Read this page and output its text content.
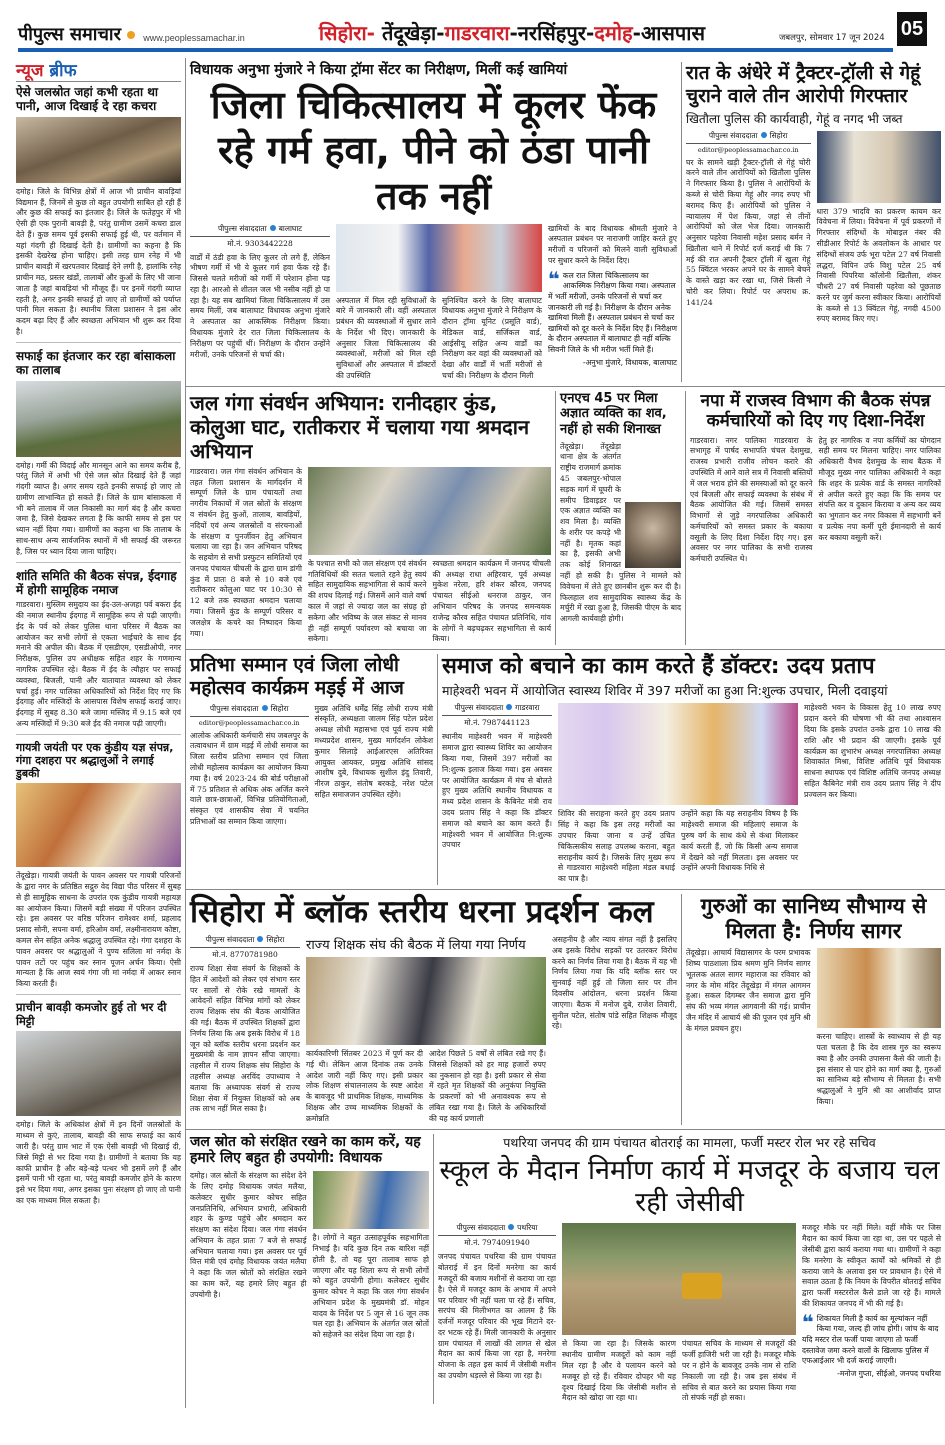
पीपुल्स समाचार	www.peoplessamachar.in	सिहोरा- तेंदूखेड़ा-गाडरवारा-नरसिंहपुर-दमोह-आसपास	जबलपुर, सोमवार 17 जून 2024 05
न्यूज ब्रीफ
ऐसे जलस्रोत जहां कभी रहता था पानी, आज दिखाई दे रहा कचरा
दमोह। जिले के विभिन्न क्षेत्रों में आज भी प्राचीन बावड़ियां विद्यमान हैं, जिनमें से कुछ तो बहुत उपयोगी साबित हो रही हैं और कुछ की सफाई का इंतजार है। जिले के फतेहपुर में भी ऐसी ही एक पुरानी बावड़ी है, परंतु ग्रामीण उसमें कचरा डाल देते हैं। कुछ समय पूर्व इसकी सफाई हुई थी, पर वर्तमान में यहां गंदगी ही दिखाई देती है। ग्रामीणों का कहना है कि इसकी देखरेख होना चाहिए। इसी तरह ग्राम रनेह में भी प्राचीन बावड़ी में खरपतवार दिखाई देने लगी है, हालांकि रनेह प्राचीन मठ, प्रस्तर खंडों, तालाबों और कुओं के लिए भी जाना जाता है जहां बावड़ियां भी मौजूद हैं। पर इनमें गंदगी व्याप्त रहती है, अगर इनकी सफाई हो जाए तो ग्रामीणों को पर्याप्त पानी मिल सकता है। स्थानीय जिला प्रशासन ने इस ओर कदम बढ़ा दिए हैं और स्वच्छता अभियान भी शुरू कर दिया है।
सफाई का इंतजार कर रहा बांसाकला का तालाब
दमोह। गर्मी की विदाई और मानसून आने का समय करीब है, परंतु जिले में अभी भी ऐसे जल स्रोत दिखाई देते हैं जहां गंदगी व्याप्त है। अगर समय रहते इनकी सफाई हो जाए तो ग्रामीण लाभान्वित हो सकते हैं। जिले के ग्राम बांसाकला में भी बने तालाब में जल निकासी का मार्ग बंद है और कचरा जमा है, जिसे देखकर लगता है कि काफी समय से इस पर ध्यान नहीं दिया गया। ग्रामीणों का कहना था कि तालाब के साथ-साथ अन्य सार्वजनिक स्थानों में भी सफाई की जरूरत है, जिस पर ध्यान दिया जाना चाहिए।
शांति समिति की बैठक संपन्न, ईदगाह में होगी सामूहिक नमाज
गाडरवारा। मुस्लिम समुदाय का ईद-उल-अजहा पर्व बकरा ईद की नमाज स्थानीय ईदगाह में सामूहिक रूप से पढ़ी जाएगी। ईद के पर्व को लेकर पुलिस थाना परिसर में बैठक का आयोजन कर सभी लोगों से एकता भाईचारे के साथ ईद मनाने की अपील की। बैठक में एसडीएम, एसडीओपी, नगर निरीक्षक, पुलिस उप अधीक्षक सहित शहर के गणमान्य नागरिक उपस्थित रहे। बैठक में ईद के त्यौहार पर सफाई व्यवस्था, बिजली, पानी और यातायात व्यवस्था को लेकर चर्चा हुई। नगर पालिका अधिकारियों को निर्देश दिए गए कि ईदगाह और मस्जिदों के आसपास विशेष सफाई कराई जाए। ईदगाह में सुबह 8.30 बजे जामा मस्जिद में 9.15 बजे एवं अन्य मस्जिदों में 9:30 बजे ईद की नमाज पढ़ी जाएगी।
गायत्री जयंती पर एक कुंडीय यज्ञ संपन्न, गंगा दशहरा पर श्रद्धालुओं ने लगाई डुबकी
तेंदूखेड़ा। गायत्री जयंती के पावन अवसर पर गायत्री परिजनों के द्वारा नगर के प्रतिष्ठित सद्गुरु वेद विद्या पीठ परिसर में सुबह से ही सामूहिक साधना के उपरांत एक कुंडीय गायत्री महायज्ञ का आयोजन किया। जिसमें बड़ी संख्या में परिजन उपस्थित रहे। इस अवसर पर वरिष्ठ परिजन रामेश्वर शर्मा, प्रहलाद प्रसाद सोनी, सपना वर्मा, हरिओम वर्मा, लक्ष्मीनारायण कोष्टा, कमल सेन सहित अनेक श्रद्धालु उपस्थित रहे। गंगा दशहरा के पावन अवसर पर श्रद्धालुओं ने पुण्य सलिला मां नर्मदा के पावन तटों पर पहुंच कर स्नान पूजन अर्चन किया। ऐसी मान्यता है कि आज स्वयं गंगा जी मां नर्मदा में आकर स्नान किया करती हैं।
प्राचीन बावड़ी कमजोर हुई तो भर दी मिट्टी
दमोह। जिले के अधिकांश क्षेत्रों में इन दिनों जलस्रोतों के माध्यम से कुएं, तालाब, बावड़ी की साफ सफाई का कार्य जारी है। परंतु ग्राम भाट में एक ऐसी बावड़ी भी दिखाई दी, जिसे मिट्टी से भर दिया गया है। ग्रामीणों ने बताया कि यह काफी प्राचीन है और बड़े-बड़े पत्थर भी इसमें लगे हैं और इसमें पानी भी रहता था, परंतु बावड़ी कमजोर होने के कारण इसे भर दिया गया, अगर इसका पुनः संरक्षण हो जाए तो पानी का एक माध्यम मिल सकता है।
विधायक अनुभा मुंजारे ने किया ट्रॉमा सेंटर का निरीक्षण, मिलीं कई खामियां
जिला चिकित्सालय में कूलर फेंक रहे गर्म हवा, पीने को ठंडा पानी तक नहीं
पीपुल्स संवाददाता बालाघाट
मो.नं. 9303442228
वार्डों में ठंडी हवा के लिए कूलर तो लगे हैं, लेकिन भीषण गर्मी में भी ये कूलर गर्म हवा फेंक रहे हैं। जिससे चलते मरीजों को गर्मी में परेशान होना पड़ रहा है। आरओ से शीतल जल भी नसीब नहीं हो पा रहा है। यह सब खामियां जिला चिकित्सालय में उस समय मिलीं, जब बालाघाट विधायक अनुभा मुंजारे ने अस्पताल का आकस्मिक निरीक्षण किया। विधायक मुंजारे देर रात जिला चिकित्सालय के निरीक्षण पर पहुंचीं थीं। निरीक्षण के दौरान उन्होंने मरीजों, उनके परिजनों से चर्चा की।
अस्पताल में मिल रही सुविधाओं के बारे में जानकारी ली। वहीं अस्पताल प्रबंधन की व्यवस्थाओं में सुधार लाने के निर्देश भी दिए। जानकारी के अनुसार जिला चिकित्सालय की व्यवस्थाओं, मरीजों को मिल रही सुविधाओं और अस्पताल में डॉक्टरों की उपस्थिति
सुनिश्चित करने के लिए बालाघाट विधायक अनुभा मुंजारे ने निरीक्षण के दौरान ट्रॉमा यूनिट (प्रसूति वार्ड), मेडिकल वार्ड, सर्जिकल वार्ड, आईसीयू सहित अन्य वार्डों का निरीक्षण कर वहां की व्यवस्थाओं को देखा और वार्डों में भर्ती मरीजों से चर्चा की। निरीक्षण के दौरान मिली
खामियों के बाद विधायक श्रीमती मुंजारे ने अस्पताल प्रबंधन पर नाराजगी जाहिर करते हुए मरीजों व परिजनों को मिलने वाली सुविधाओं पर सुधार करने के निर्देश दिए।
❝ कल रात जिला चिकित्सालय का आकस्मिक निरीक्षण किया गया। अस्पताल में भर्ती मरीजों, उनके परिजनों से चर्चा कर जानकारी ली गई है। निरीक्षण के दौरान अनेक खामियां मिली हैं। अस्पताल प्रबंधन से चर्चा कर खामियों को दूर करने के निर्देश दिए हैं। निरीक्षण के दौरान अस्पताल में बालाघाट ही नहीं बल्कि सिवनी जिले के भी मरीज भर्ती मिले हैं।
-अनुभा मुंजारे, विधायक, बालाघाट
रात के अंधेरे में ट्रैक्टर-ट्रॉली से गेहूं चुराने वाले तीन आरोपी गिरफ्तार
खितौला पुलिस की कार्यवाही, गेहूं व नगद भी जब्त
पीपुल्स संवाददाता सिहोरा
editor@peoplessamachar.co.in
घर के सामने खड़ी ट्रैक्टर-ट्रॉली से गेहूं चोरी करने वाले तीन आरोपियों को खितौला पुलिस ने गिरफ्तार किया है। पुलिस ने आरोपियों के कब्जे से चोरी किया गेहूं और नगद रुपए भी बरामद किए हैं। आरोपियों को पुलिस ने न्यायालय में पेश किया, जहां से तीनों आरोपियों को जेल भेज दिया। जानकारी अनुसार पहरेवा निवासी महेश प्रसाद बर्मन ने खितौला थाने में रिपोर्ट दर्ज कराई थी कि 7 मई की रात अपनी ट्रैक्टर ट्रॉली में खुला गेहूं 55 क्विंटल भरकर अपने घर के सामने बेचने के वास्ते खड़ा कर रखा था, जिसे किसी ने चोरी कर लिया। रिपोर्ट पर अपराध क्र. 141/24
धारा 379 भादवि का प्रकरण कायम कर विवेचना में लिया। विवेचना में पूर्व प्रकरणों में गिरफ्तार संदिग्धों के मोबाइल नंबर की सीडीआर रिपोर्ट के अवलोकन के आधार पर संदिग्धों संजय उर्फ भूरा पटेल 27 वर्ष निवासी लद्धरा, विपिन उर्फ विशु पटेल 25 वर्ष निवासी पिपरिया कॉलोनी खितौला, शंकर चौधरी 27 वर्ष निवासी पहरेवा को पूछताछ करने पर जुर्म करना स्वीकार किया। आरोपियों के कब्जे से 13 क्विंटल गेहूं, नगदी 4500 रुपए बरामद किए गए।
जल गंगा संवर्धन अभियान: रानीदहार कुंड, कोलुआ घाट, रातीकरार में चलाया गया श्रमदान अभियान
गाडरवारा। जल गंगा संवर्धन अभियान के तहत जिला प्रशासन के मार्गदर्शन में सम्पूर्ण जिले के ग्राम पंचायतों तथा नगरीय निकायों में जल स्रोतों के संरक्षण व संवर्धन हेतु कुओं, तालाब, बावड़ियों, नदियों एवं अन्य जलस्रोतों व संरचनाओं के संरक्षण व पुनर्जीवन हेतु अभियान चलाया जा रहा है। जन अभियान परिषद के सहयोग से सभी प्रस्फुटन समितियों एवं जनपद पंचायत चीचली के द्वारा ग्राम डांगी कुंड में प्रातः 8 बजे से 10 बजे एवं रातीकरार कोलुआ घाट पर 10:30 से 12 बजे तक स्वच्छता श्रमदान चलाया गया। जिसमें कुंड के सम्पूर्ण परिसर व जलक्षेत्र के कचरे का निष्पादन किया गया।
के पश्चात सभी को जल संरक्षण एवं संवर्धन गतिविधियों की सतत चलाते रहने हेतु स्वयं सहित सामुदायिक सहभागिता से कार्य करने की शपथ दिलाई गई। जिसमें आने वाले वर्षा काल में जहां से ज्यादा जल का संग्रह हो सकेगा और भविष्य के जल संकट से मानव ही नहीं सम्पूर्ण पर्यावरण को बचाया जा सकेगा।
स्वच्छता श्रमदान कार्यक्रम में जनपद चीचली की अध्यक्ष राधा अहिरवार, पूर्व अध्यक्ष मुकेश नरेला, हरि शंकर कौरव, जनपद पंचायत सीईओ धनराज ठाकुर, जन अभियान परिषद के जनपद समन्वयक राजेन्द्र कौरव सहित पंचायत प्रतिनिधि, गांव के लोगों ने बढ़चढ़कर सहभागिता से कार्य किया।
एनएच 45 पर मिला अज्ञात व्यक्ति का शव, नहीं हो सकी शिनाख्त
तेंदूखेड़ा। तेंदूखेड़ा थाना क्षेत्र के अंतर्गत राष्ट्रीय राजमार्ग क्रमांक 45 जबलपुर-भोपाल सड़क मार्ग में घूघरी के समीप डिवाइडर पर एक अज्ञात व्यक्ति का शव मिला है। व्यक्ति के शरीर पर कपड़े भी नहीं है। मृतक कहां का है, इसकी अभी तक कोई शिनाख्त नहीं हो सकी है। पुलिस ने मामले को विवेचना में लेते हुए छानबीन शुरू कर दी है। फिलहाल शव सामुदायिक स्वास्थ्य केंद्र के मर्चुरी में रखा हुआ है, जिसकी पीएम के बाद आगली कार्यवाही होगी।
नपा में राजस्व विभाग की बैठक संपन्न कर्मचारियों को दिए गए दिशा-निर्देश
गाडरवारा। नगर पालिका गाडरवारा के सभागृह में पार्षद सभापति चंचल देशमुख, राजस्व प्रभारी राजीव लोचन करारे की उपस्थिति में आने वाले सत्र में निवासी बस्तियों में जल भराव होने की समस्याओं को दूर करने एवं बिजली और सफाई व्यवस्था के संबंध में बैठक आयोजित की गई। जिसमें समस्त विभागों से जुड़े नगरपालिका अधिकारी कर्मचारियों को समस्त प्रकार के बकाया वसूली के लिए दिशा निर्देश दिए गए। इस अवसर पर नगर पालिका के सभी राजस्व कर्मचारी उपस्थित थे।
हेतु हर नागरिक व नपा कर्मियों का योगदान सही समय पर मिलना चाहिए। नगर पालिका अधिकारी वैभव देशमुख के साथ बैठक में मौजूद मुख्य नगर पालिका अधिकारी ने कहा कि शहर के प्रत्येक वार्ड के समस्त नागरिकों से अपील करते हुए कहा कि कि समय पर संपत्ति कर व दुकान किराया व अन्य कर व्यय का भुगतान कर नगर विकास में सहभागी बनें व प्रत्येक नपा कर्मी पूरी ईमानदारी से कार्य कर बकाया वसूली करें।
प्रतिभा सम्मान एवं जिला लोधी महोत्सव कार्यक्रम मड़ई में आज
पीपुल्स संवाददाता सिहोरा
editor@peoplessamachar.co.in
आलोक अधिकारी कर्मचारी संघ जबलपुर के तत्वावधान में ग्राम मड़ई में लोधी समाज का जिला स्तरीय प्रतिभा सम्मान एवं जिला लोधी महोत्सव कार्यक्रम का आयोजन किया गया है। वर्ष 2023-24 की बोर्ड परीक्षाओं में 75 प्रतिशत से अधिक अंक अर्जित करने वाले छात्र-छात्राओं, विभिन्न प्रतियोगिताओं, संस्कृत एवं शासकीय सेवा में चयनित प्रतिभाओं का सम्मान किया जाएगा।
मुख्य अतिथि धर्मेंद्र सिंह लोधी राज्य मंत्री संस्कृति, अध्यक्षता जालम सिंह पटेल प्रदेश अध्यक्ष लोधी महासभा एवं पूर्व राज्य मंत्री मध्यप्रदेश शासन, मुख्य मार्गदर्शन लोकेश कुमार सिलाड़े आईआरएस अतिरिक्त आयुक्त आयकर, प्रमुख अतिथि सांसद आशीष दुबे, विधायक सुशील इंदु तिवारी, नीरज ठाकुर, संतोष बरकड़े, नरेश पटेल सहित समाजजन उपस्थित रहेंगे।
समाज को बचाने का काम करते हैं डॉक्टर: उदय प्रताप
माहेश्वरी भवन में आयोजित स्वास्थ्य शिविर में 397 मरीजों का हुआ नि:शुल्क उपचार, मिली दवाइयां
पीपुल्स संवाददाता गाडरवारा
मो.नं. 7987441123
स्थानीय माहेश्वरी भवन में माहेश्वरी समाज द्वारा स्वास्थ्य शिविर का आयोजन किया गया, जिसमें 397 मरीजों का नि:शुल्क इलाज किया गया। इस अवसर पर आयोजित कार्यक्रम में मंच से बोलते हुए मुख्य अतिथि स्थानीय विधायक व मध्य प्रदेश शासन के कैबिनेट मंत्री राव उदय प्रताप सिंह ने कहा कि डॉक्टर समाज को बचाने का काम करते हैं। माहेश्वरी भवन में आयोजित नि:शुल्क उपचार
शिविर की सराहना करते हुए उदय प्रताप सिंह ने कहा कि इस तरह मरीजों का उपचार किया जाना व उन्हें उचित चिकित्सकीय सलाह उपलब्ध कराना, बहुत सराहनीय कार्य है। जिसके लिए मुख्य रूप से गाडरवारा माहेश्वरी महिला मंडल बधाई का पात्र है।
उन्होंने कहा कि यह सराहनीय विषय है कि माहेश्वरी समाज की महिलाएं समाज के पुरुष वर्ग के साथ कंधे से कंधा मिलाकर कार्य करती हैं, जो कि किसी अन्य समाज में देखने को नहीं मिलता। इस अवसर पर उन्होंने अपनी विधायक निधि से
माहेश्वरी भवन के विकास हेतु 10 लाख रुपए प्रदान करने की घोषणा भी की तथा आश्वासन दिया कि इसके उपरांत उनके द्वारा 10 लाख की राशि और भी प्रदान की जाएगी। इसके पूर्व कार्यक्रम का शुभारंभ अध्यक्ष नगरपालिका अध्यक्ष शिवाकांत मिश्रा, विशिष्ट अतिथि पूर्व विधायक साधना स्थापक एवं विशिष्ट अतिथि जनपद अध्यक्ष सहित कैबिनेट मंत्री राव उदय प्रताप सिंह ने दीप प्रज्वलन कर किया।
सिहोरा में ब्लॉक स्तरीय धरना प्रदर्शन कल
पीपुल्स संवाददाता सिहोरा
मो.नं. 8770781980
राज्य शिक्षा सेवा संवर्ग के शिक्षकों के हित में आदेशों को लेकर एवं संभाग स्तर पर सालों से रोके रखे मामलों के आवेदनों सहित विभिन्न मांगों को लेकर राज्य शिक्षक संघ की बैठक आयोजित की गई। बैठक में उपस्थित शिक्षकों द्वारा निर्णय लिया कि अब इसके विरोध में 18 जून को ब्लॉक स्तरीय धरना प्रदर्शन कर मुख्यमंत्री के नाम ज्ञापन सौंपा जाएगा। तहसील में राज्य शिक्षक संघ सिहोरा के तहसील अध्यक्ष अरविंद उपाध्याय ने बताया कि अध्यापक संवर्ग से राज्य शिक्षा सेवा में नियुक्त शिक्षकों को अब तक लाभ नहीं मिल सका है।
राज्य शिक्षक संघ की बैठक में लिया गया निर्णय
कार्यकारिणी सिंतबर 2023 में पूर्ण कर दी गई थी। लेकिन आज दिनांक तक उनके आदेश जारी नहीं किए गए। इसी प्रकार लोक शिक्षण संचालनालय के स्पष्ट आदेश के बावजूद भी प्राथमिक शिक्षक, माध्यमिक शिक्षक और उच्च माध्यमिक शिक्षकों के क्रमोन्नति
आदेश पिछले 5 वर्षों से लंबित रखे गए हैं। जिससे शिक्षकों को हर माह हजारों रुपए का नुकसान हो रहा है। इसी प्रकार से सेवा में रहते मृत शिक्षकों की अनुकंपा नियुक्ति के प्रकरणों को भी अनावश्यक रूप से लंबित रखा गया है। जिले के अधिकारियों की यह कार्य प्रणाली
असहनीय है और न्याय संगत नहीं है इसलिए अब इसके विरोध सड़कों पर उतरकर विरोध करने का निर्णय लिया गया है। बैठक में यह भी निर्णय लिया गया कि यदि ब्लॉक स्तर पर सुनवाई नहीं हुई तो जिला स्तर पर तीन दिवसीय आंदोलन, धरना प्रदर्शन किया जाएगा। बैठक में मनोज दुबे, राजेश तिवारी, सुनील पटेल, संतोष पांडे सहित शिक्षक मौजूद रहे।
गुरुओं का सानिध्य सौभाग्य से मिलता है: निर्णय सागर
तेंदूखेड़ा। आचार्य विद्यासागर के परम प्रभावक शिष्य पाठशाला प्रिय श्रमण मुनि निर्णय सागर भूतलक अतल सागर महाराज का रविवार को नगर के मोम मंदिर तेंदूखेड़ा में मंगल आगमन हुआ। सकल दिगम्बर जैन समाज द्वारा मुनि संघ की भव्य मंगल आगवानी की गई। प्राचीन जैन मंदिर में आचार्य श्री की पूजन एवं मुनि श्री के मंगल प्रवचन हुए।
करना चाहिए। शास्त्रों के स्वाध्याय से ही यह पता चलता है कि देव शास्त्र गुरु का स्वरूप क्या है और उनकी उपासना कैसे की जाती है। इस संसार से पार होने का मार्ग क्या है, गुरुओं का सानिध्य बड़े सौभाग्य से मिलता है। सभी श्रद्धालुओं ने मुनि श्री का आशीर्वाद प्राप्त किया।
जल स्रोत को संरक्षित रखने का काम करें, यह हमारे लिए बहुत ही उपयोगी: विधायक
दमोह। जल स्रोतों के संरक्षण का संदेश देने के लिए दमोह विधायक जयंत मलैया, कलेक्टर सुधीर कुमार कोचर सहित जनप्रतिनिधि, अभियान प्रभारी, अधिकारी शहर के कुण्ड पहुंचे और श्रमदान कर संरक्षण का संदेश दिया। जल गंगा संवर्धन अभियान के तहत प्रातः 7 बजे से सफाई अभियान चलाया गया। इस अवसर पर पूर्व वित्त मंत्री एवं दमोह विधायक जयंत मलैया ने कहा कि जल स्रोतों को संरक्षित रखने का काम करें, यह हमारे लिए बहुत ही उपयोगी है।
है। लोगों ने बहुत उत्साहपूर्वक सहभागिता निभाई है। यदि कुछ दिन तक बारिश नहीं होती है, तो यह पूरा तालाब साफ हो जाएगा और यह शिला रूप से सभी लोगों को बहुत उपयोगी होगा। कलेक्टर सुधीर कुमार कोचर ने कहा कि जल गंगा संवर्धन अभियान प्रदेश के मुख्यमंत्री डॉ. मोहन यादव के निर्देश पर 5 जून से 16 जून तक चल रहा है। अभियान के अंतर्गत जल स्रोतों को सहेजने का संदेश दिया जा रहा है।
पथरिया जनपद की ग्राम पंचायत बोतराई का मामला, फर्जी मस्टर रोल भर रहे सचिव
स्कूल के मैदान निर्माण कार्य में मजदूर के बजाय चल रही जेसीबी
पीपुल्स संवाददाता पथरिया
मो.नं. 7974091940
जनपद पंचायत पथरिया की ग्राम पंचायत बोतराई में इन दिनों मनरेगा का कार्य मजदूरों की बजाय मशीनों से कराया जा रहा है। ऐसे में मजदूर काम के अभाव में अपने घर परिवार भी नहीं चला पा रहे हैं। सचिव, सरपंच की मिलीभगत का आलम है कि दर्जनों मजदूर परिवार की भूख मिटाने दर-दर भटक रहे हैं। मिली जानकारी के अनुसार ग्राम पंचायत में लाखों की लागत से खेल मैदान का कार्य किया जा रहा है, मनरेगा योजना के तहत इस कार्य में जेसीबी मशीन का उपयोग धड़ल्ले से किया जा रहा है।
से किया जा रहा है। जिसके कारण स्थानीय ग्रामीण मजदूरों को काम नहीं मिल रहा है और वे पलायन करने को मजबूर हो रहे हैं। रविवार दोपहर भी यह दृश्य दिखाई दिया कि जेसीबी मशीन से मैदान को खोदा जा रहा था।
पंचायत सचिव के माध्यम से मजदूरों की फर्जी हाजिरी भरी जा रही है। मजदूर मौके पर न होने के बावजूद उनके नाम से राशि निकाली जा रही है। जब इस संबंध में सचिव से बात करने का प्रयास किया गया तो संपर्क नहीं हो सका।
मजदूर मौके पर नहीं मिले। वहीं मौके पर जिस मैदान का कार्य किया जा रहा था, उस पर पहले से जेसीबी द्वारा कार्य कराया गया था। ग्रामीणों ने कहा कि मनरेगा के स्वीकृत कार्यों को श्रमिकों से ही कराया जाने के अलावा इस पर प्रावधान है। ऐसे में सवाल उठता है कि नियम के विपरीत बोतराई सचिव द्वारा फर्जी मस्टररोल कैसे डाले जा रहे हैं। मामले की शिकायत जनपद में भी की गई है।
❝ शिकायत मिली है कार्य का मूल्यांकन नहीं किया गया, जल्द ही जांच होगी। जांच के बाद यदि मस्टर रोल फर्जी पाया जाएगा तो फर्जी दस्तावेज जमा करने वालों के खिलाफ पुलिस में एफआईआर भी दर्ज कराई जाएगी।
-मनोज गुप्ता, सीईओ, जनपद पथरिया
